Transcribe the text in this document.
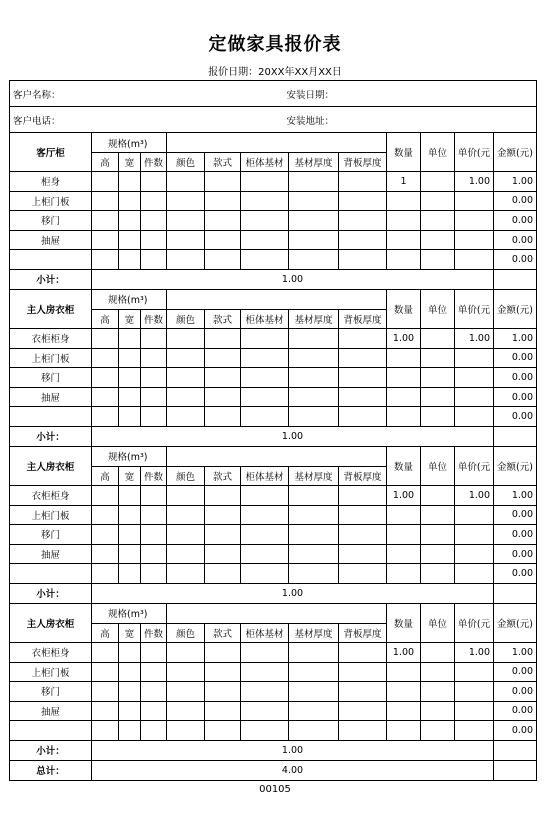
定做家具报价表
报价日期：20XX年XX月XX日
客户名称：						安装日期：						
客户电话：						安装地址：						
客厅柜	规格(m³)								数量	单位	单价(元	金额(元)
	高	宽	件数	颜色	款式	柜体基材	基材厚度	背板厚度				
柜身									1		1.00	1.00
上柜门板												0.00
移门												0.00
抽屉												0.00
												0.00
小计：	1.00											
主人房衣柜	规格(m³)								数量	单位	单价(元	金额(元)
	高	宽	件数	颜色	款式	柜体基材	基材厚度	背板厚度				
衣柜柜身									1.00		1.00	1.00
上柜门板												0.00
移门												0.00
抽屉												0.00
												0.00
小计：	1.00											
主人房衣柜	规格(m³)								数量	单位	单价(元	金额(元)
	高	宽	件数	颜色	款式	柜体基材	基材厚度	背板厚度				
衣柜柜身									1.00		1.00	1.00
上柜门板												0.00
移门												0.00
抽屉												0.00
												0.00
小计：	1.00											
主人房衣柜	规格(m³)								数量	单位	单价(元	金额(元)
	高	宽	件数	颜色	款式	柜体基材	基材厚度	背板厚度				
衣柜柜身									1.00		1.00	1.00
上柜门板												0.00
移门												0.00
抽屉												0.00
												0.00
小计：	1.00											
总计：	4.00											
00105
